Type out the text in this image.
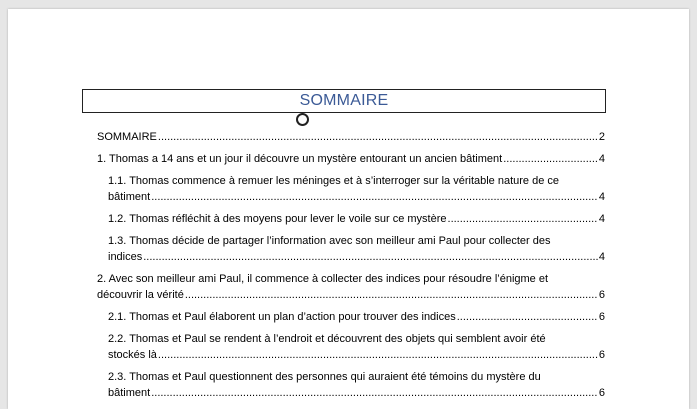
SOMMAIRE
SOMMAIRE .....	2
1. Thomas a 14 ans et un jour il découvre un mystère entourant un ancien bâtiment .....	4
1.1. Thomas commence à remuer les méninges et à s’interroger sur la véritable nature de ce
bâtiment .....	4
1.2. Thomas réfléchit à des moyens pour lever le voile sur ce mystère .....	4
1.3. Thomas décide de partager l’information avec son meilleur ami Paul pour collecter des
indices .....	4
2. Avec son meilleur ami Paul, il commence à collecter des indices pour résoudre l’énigme et
découvrir la vérité .....	6
2.1. Thomas et Paul élaborent un plan d’action pour trouver des indices .....	6
2.2. Thomas et Paul se rendent à l’endroit et découvrent des objets qui semblent avoir été
stockés là .....	6
2.3. Thomas et Paul questionnent des personnes qui auraient été témoins du mystère du
bâtiment .....	6
